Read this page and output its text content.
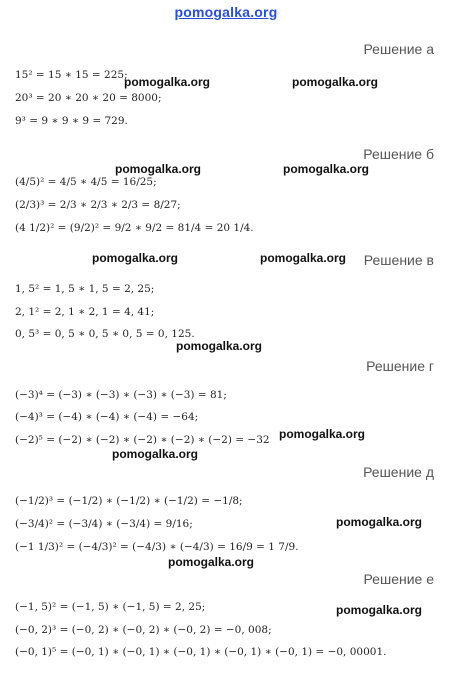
pomogalka.org
Решение а
15² = 15 ∗ 15 = 225;
20³ = 20 ∗ 20 ∗ 20 = 8000;
9³ = 9 ∗ 9 ∗ 9 = 729.
pomogalka.org	pomogalka.org
Решение б
(4/5)² = 4/5 ∗ 4/5 = 16/25;
(2/3)³ = 2/3 ∗ 2/3 ∗ 2/3 = 8/27;
(4 1/2)² = (9/2)² = 9/2 ∗ 9/2 = 81/4 = 20 1/4.
pomogalka.org	pomogalka.org
Решение в
1, 5² = 1, 5 ∗ 1, 5 = 2, 25;
2, 1² = 2, 1 ∗ 2, 1 = 4, 41;
0, 5³ = 0, 5 ∗ 0, 5 ∗ 0, 5 = 0, 125.
pomogalka.org	pomogalka.org
pomogalka.org
Решение г
(−3)⁴ = (−3) ∗ (−3) ∗ (−3) ∗ (−3) = 81;
(−4)³ = (−4) ∗ (−4) ∗ (−4) = −64;
(−2)⁵ = (−2) ∗ (−2) ∗ (−2) ∗ (−2) ∗ (−2) = −32 pomogalka.org
pomogalka.org
Решение д
(−1/2)³ = (−1/2) ∗ (−1/2) ∗ (−1/2) = −1/8;
(−3/4)² = (−3/4) ∗ (−3/4) = 9/16;
(−1 1/3)² = (−4/3)² = (−4/3) ∗ (−4/3) = 16/9 = 1 7/9.
pomogalka.org
pomogalka.org
Решение е
(−1, 5)² = (−1, 5) ∗ (−1, 5) = 2, 25;
(−0, 2)³ = (−0, 2) ∗ (−0, 2) ∗ (−0, 2) = −0, 008;
(−0, 1)⁵ = (−0, 1) ∗ (−0, 1) ∗ (−0, 1) ∗ (−0, 1) ∗ (−0, 1) = −0, 00001.
pomogalka.org
